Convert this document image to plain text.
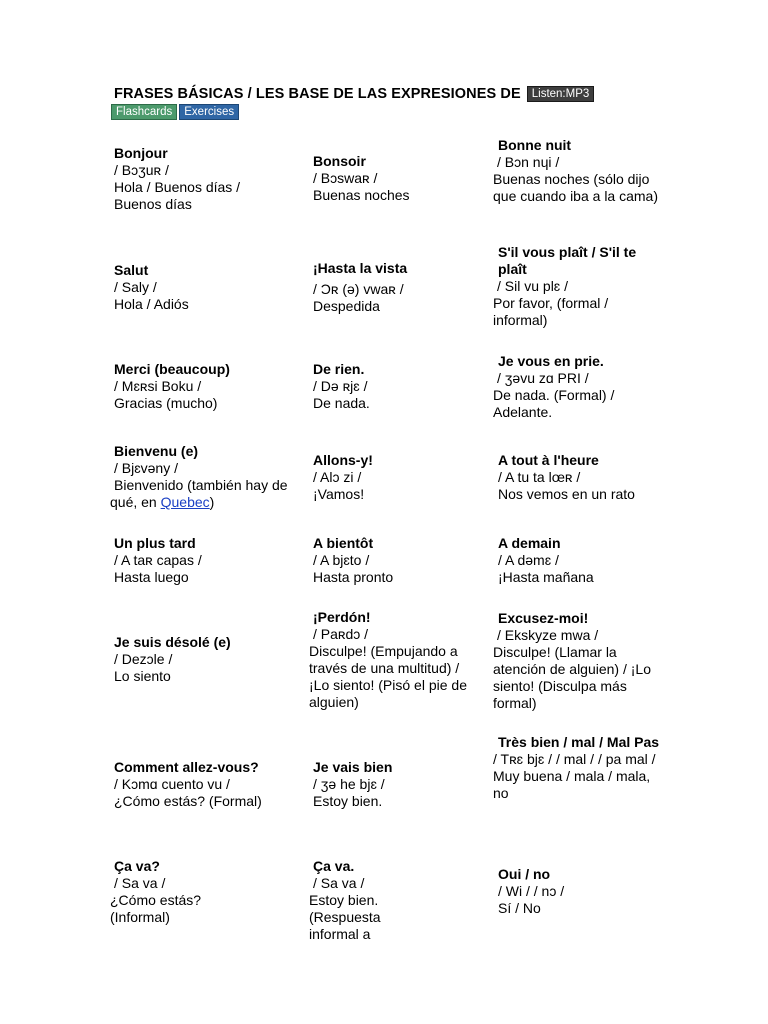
FRASES BÁSICAS / LES BASE DE LAS EXPRESIONES DE Listen:MP3
Flashcards	Exercises
Bonjour
/ Bɔʒuʀ /
Hola / Buenos días / Buenos días
Bonsoir
/ Bɔswaʀ /
Buenas noches
Bonne nuit
/ Bɔn nɥi /
Buenas noches (sólo dijo que cuando iba a la cama)
Salut
/ Saly /
Hola / Adiós
¡Hasta la vista
/ Ɔʀ (ə) vwaʀ /
Despedida
S'il vous plaît / S'il te plaît
/ Sil vu plɛ /
Por favor, (formal / informal)
Merci (beaucoup)
/ Mɛʀsi Boku /
Gracias (mucho)
De rien.
/ Də ʀjɛ /
De nada.
Je vous en prie.
/ ʒəvu zɑ PRI /
De nada. (Formal) / Adelante.
Bienvenu (e)
/ Bjɛvəny /
Bienvenido (también hay de qué, en Quebec)
Allons-y!
/ Alɔ zi /
¡Vamos!
A tout à l'heure
/ A tu ta lœʀ /
Nos vemos en un rato
Un plus tard
/ A taʀ capas /
Hasta luego
A bientôt
/ A bjɛto /
Hasta pronto
A demain
/ A dəmɛ /
¡Hasta mañana
Je suis désolé (e)
/ Dezɔle /
Lo siento
¡Perdón!
/ Paʀdɔ /
Disculpe! (Empujando a través de una multitud) / ¡Lo siento! (Pisó el pie de alguien)
Excusez-moi!
/ Ekskyze mwa /
Disculpe! (Llamar la atención de alguien) / ¡Lo siento! (Disculpa más formal)
Comment allez-vous?
/ Kɔmɑ cuento vu /
¿Cómo estás? (Formal)
Je vais bien
/ ʒə he bjɛ /
Estoy bien.
Très bien / mal / Mal Pas
/ Tʀɛ bjɛ / / mal / / pa mal /
Muy buena / mala / mala, no
Ça va?
/ Sa va /
¿Cómo estás? (Informal)
Ça va.
/ Sa va /
Estoy bien. (Respuesta informal a
Oui / no
/ Wi / / nɔ /
Sí / No
